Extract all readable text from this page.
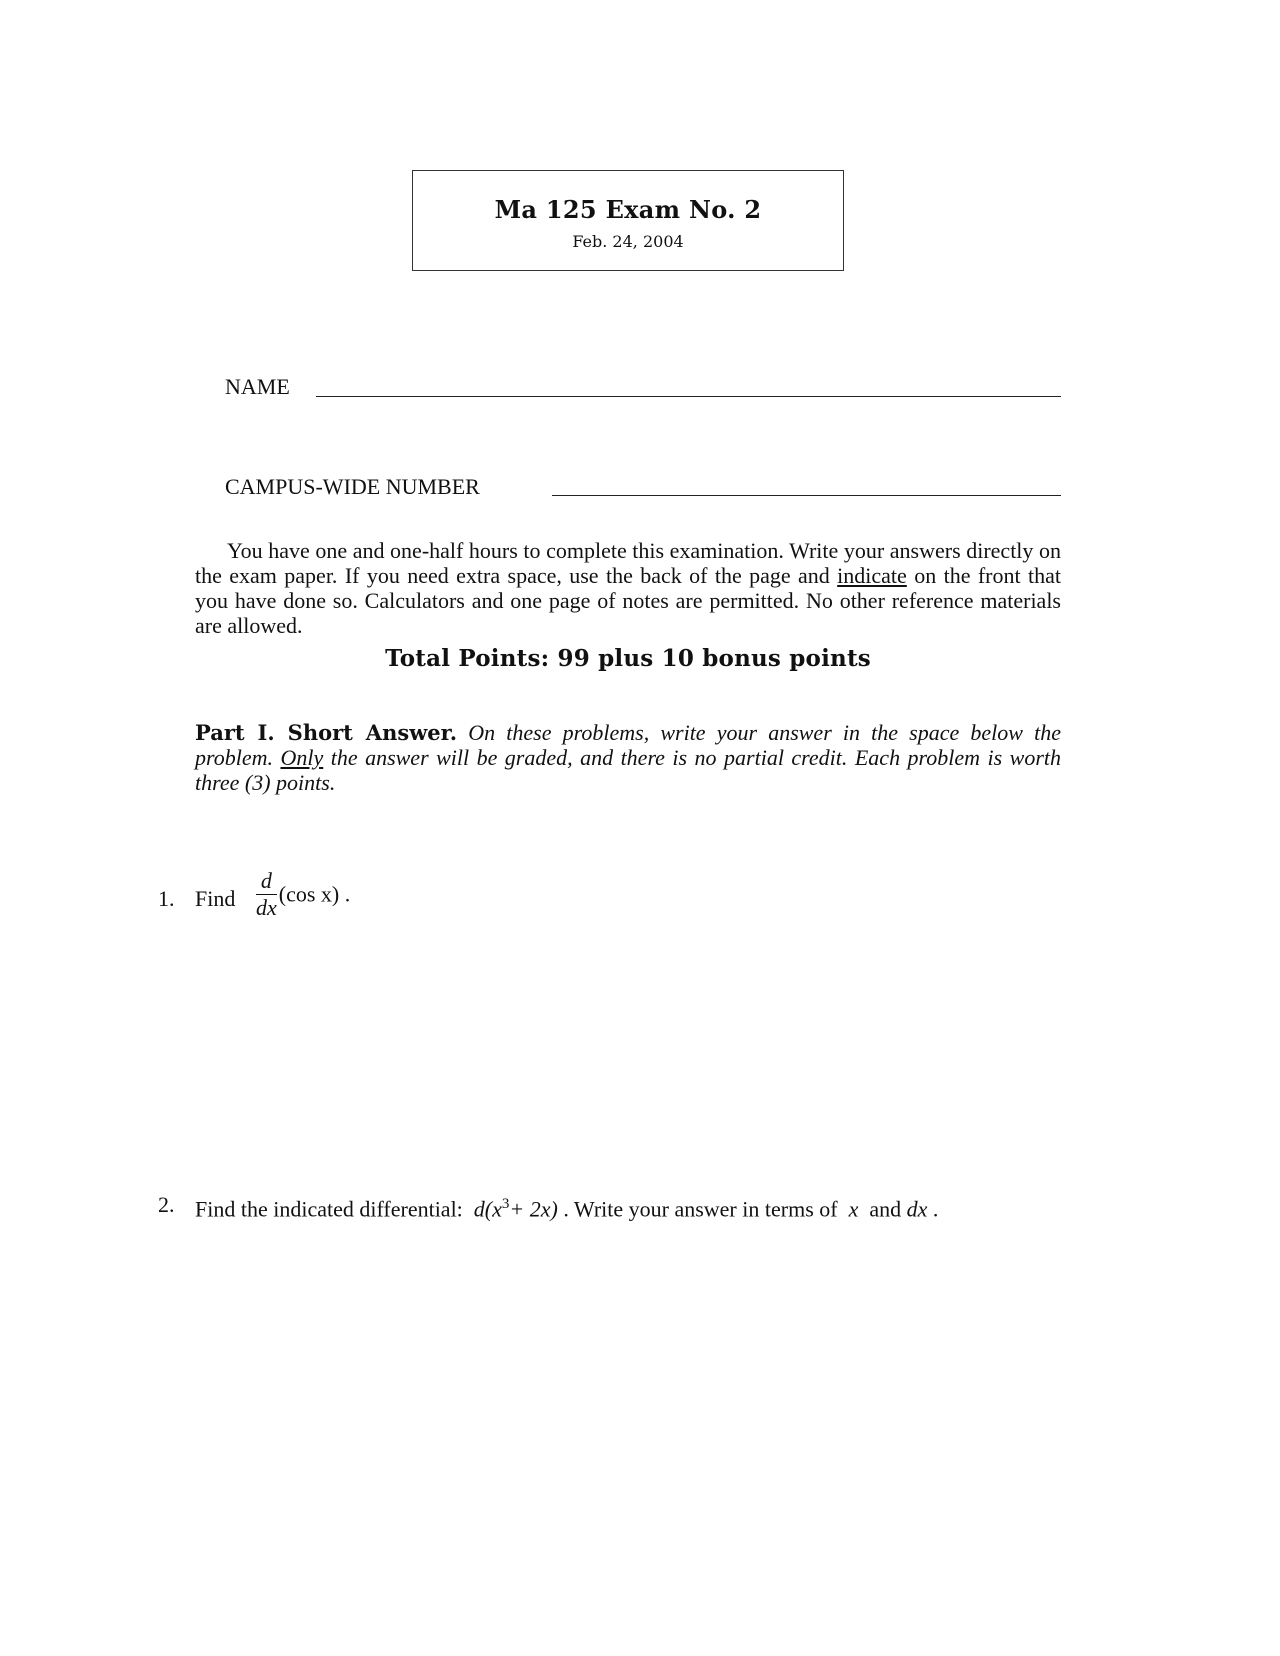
Ma 125 Exam No. 2
Feb. 24, 2004
NAME
CAMPUS-WIDE NUMBER
You have one and one-half hours to complete this examination. Write your answers directly on the exam paper. If you need extra space, use the back of the page and indicate on the front that you have done so. Calculators and one page of notes are permitted. No other reference materials are allowed.
Total Points: 99 plus 10 bonus points
Part I. Short Answer. On these problems, write your answer in the space below the problem. Only the answer will be graded, and there is no partial credit. Each problem is worth three (3) points.
1. Find $\frac{d}{dx} (\cos$ x) .
2. Find the indicated differential: $d(x^3+ 2x)$ . Write your answer in terms of x and dx .
